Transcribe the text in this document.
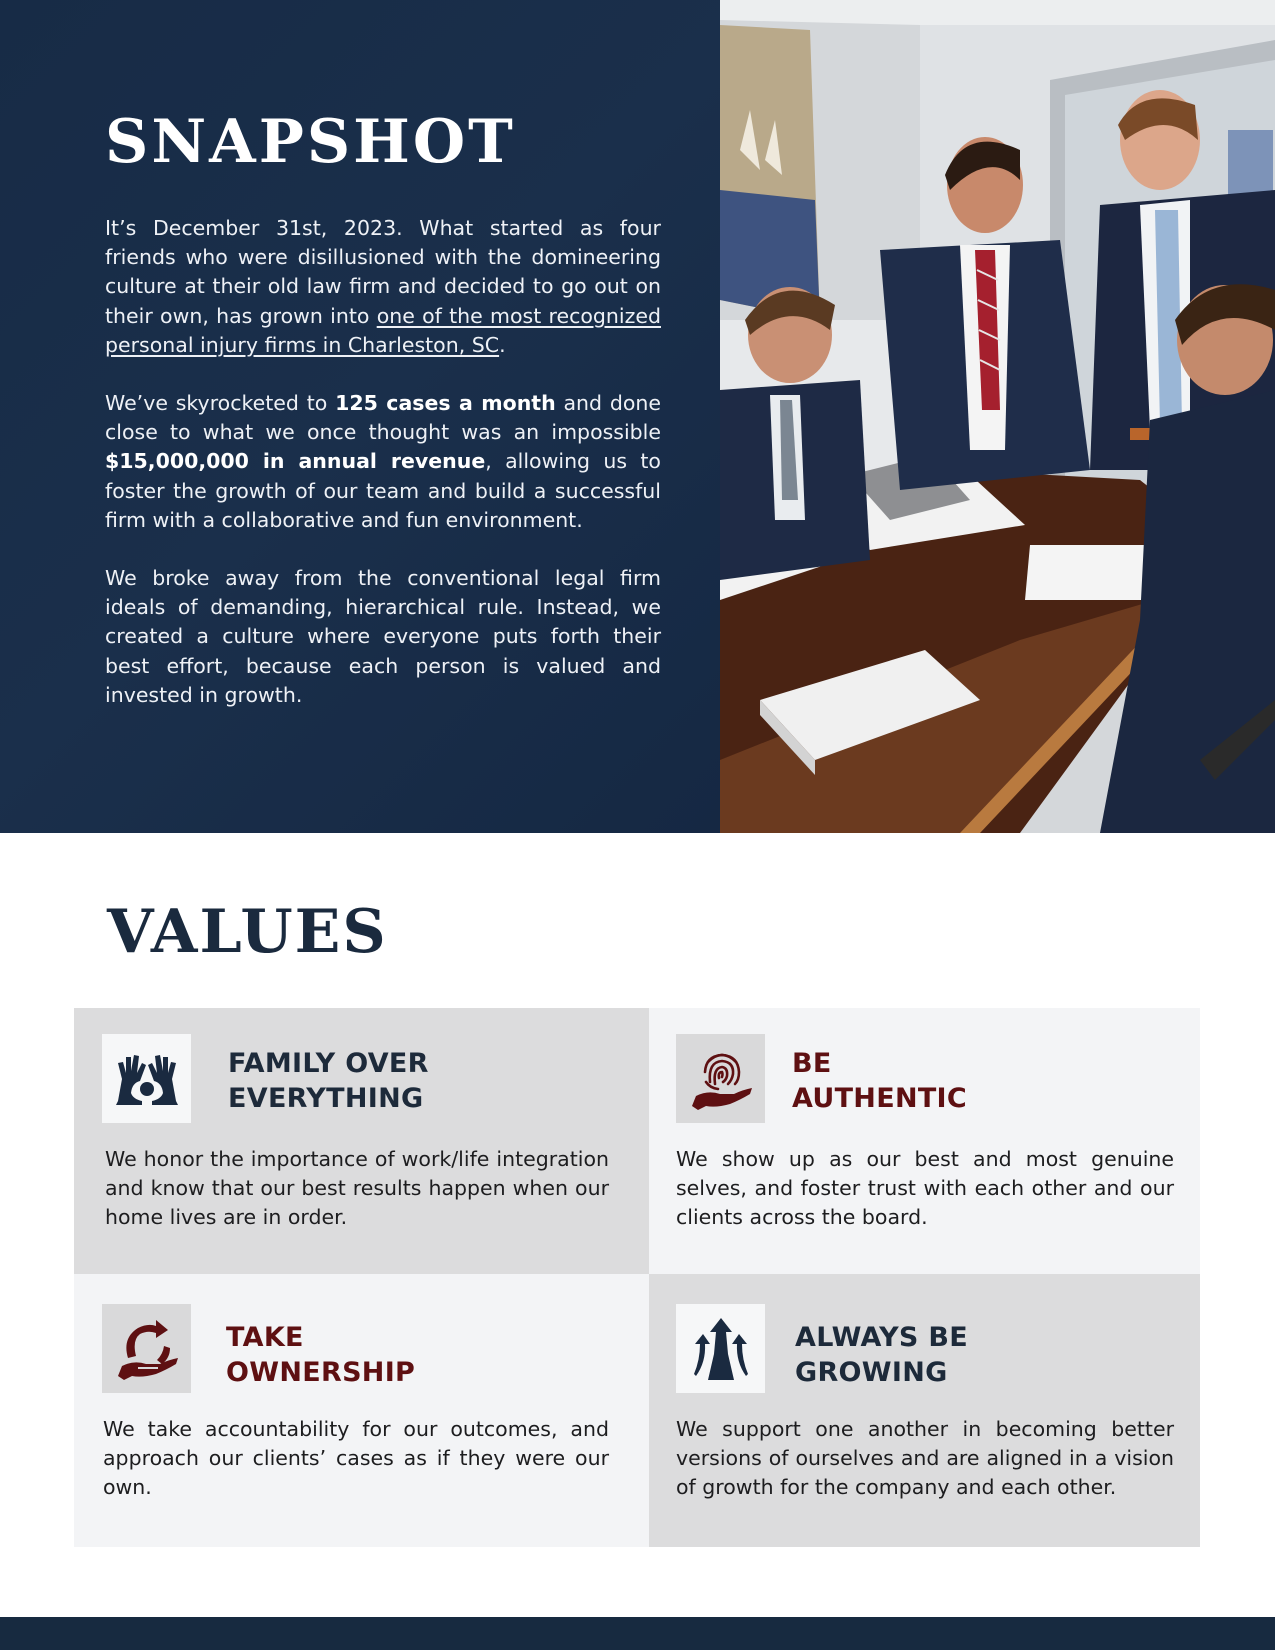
SNAPSHOT

It’s December 31st, 2023. What started as four friends who were disillusioned with the domineering culture at their old law firm and decided to go out on their own, has grown into one of the most recognized personal injury firms in Charleston, SC.

We’ve skyrocketed to 125 cases a month and done close to what we once thought was an impossible $15,000,000 in annual revenue, allowing us to foster the growth of our team and build a successful firm with a collaborative and fun environment.

We broke away from the conventional legal firm ideals of demanding, hierarchical rule. Instead, we created a culture where everyone puts forth their best effort, because each person is valued and invested in growth.

VALUES
FAMILY OVER
EVERYTHING

We honor the importance of work/life integration and know that our best results happen when our home lives are in order.

BE
AUTHENTIC

We show up as our best and most genuine selves, and foster trust with each other and our clients across the board.

TAKE
OWNERSHIP

We take accountability for our outcomes, and approach our clients’ cases as if they were our own.

ALWAYS BE
GROWING

We support one another in becoming better versions of ourselves and are aligned in a vision of growth for the company and each other.
